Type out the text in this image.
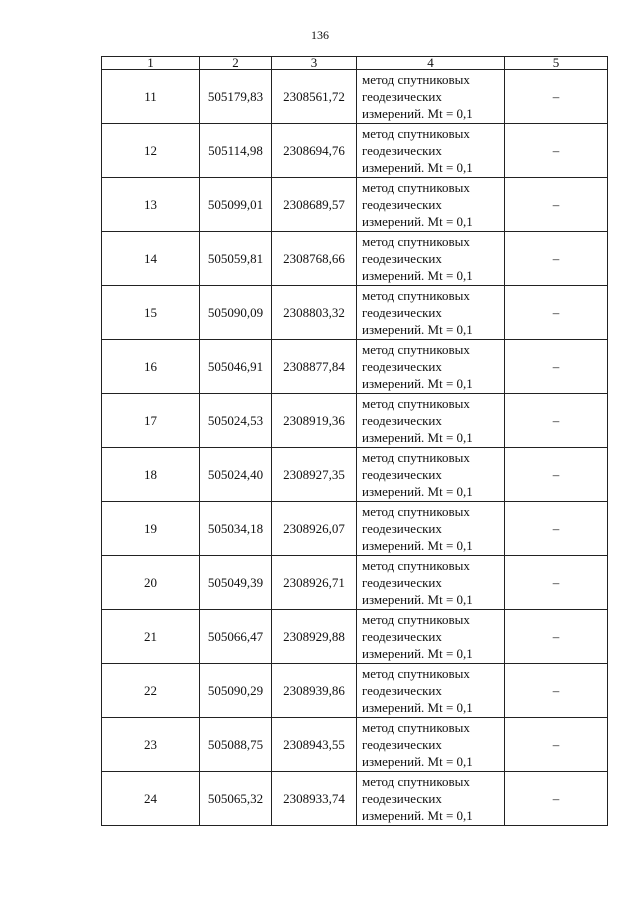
136
1	2	3	4	5
11	505179,83	2308561,72	метод спутниковых
геодезических
измерений. Mt = 0,1	–
12	505114,98	2308694,76	метод спутниковых
геодезических
измерений. Mt = 0,1	–
13	505099,01	2308689,57	метод спутниковых
геодезических
измерений. Mt = 0,1	–
14	505059,81	2308768,66	метод спутниковых
геодезических
измерений. Mt = 0,1	–
15	505090,09	2308803,32	метод спутниковых
геодезических
измерений. Mt = 0,1	–
16	505046,91	2308877,84	метод спутниковых
геодезических
измерений. Mt = 0,1	–
17	505024,53	2308919,36	метод спутниковых
геодезических
измерений. Mt = 0,1	–
18	505024,40	2308927,35	метод спутниковых
геодезических
измерений. Mt = 0,1	–
19	505034,18	2308926,07	метод спутниковых
геодезических
измерений. Mt = 0,1	–
20	505049,39	2308926,71	метод спутниковых
геодезических
измерений. Mt = 0,1	–
21	505066,47	2308929,88	метод спутниковых
геодезических
измерений. Mt = 0,1	–
22	505090,29	2308939,86	метод спутниковых
геодезических
измерений. Mt = 0,1	–
23	505088,75	2308943,55	метод спутниковых
геодезических
измерений. Mt = 0,1	–
24	505065,32	2308933,74	метод спутниковых
геодезических
измерений. Mt = 0,1	–
